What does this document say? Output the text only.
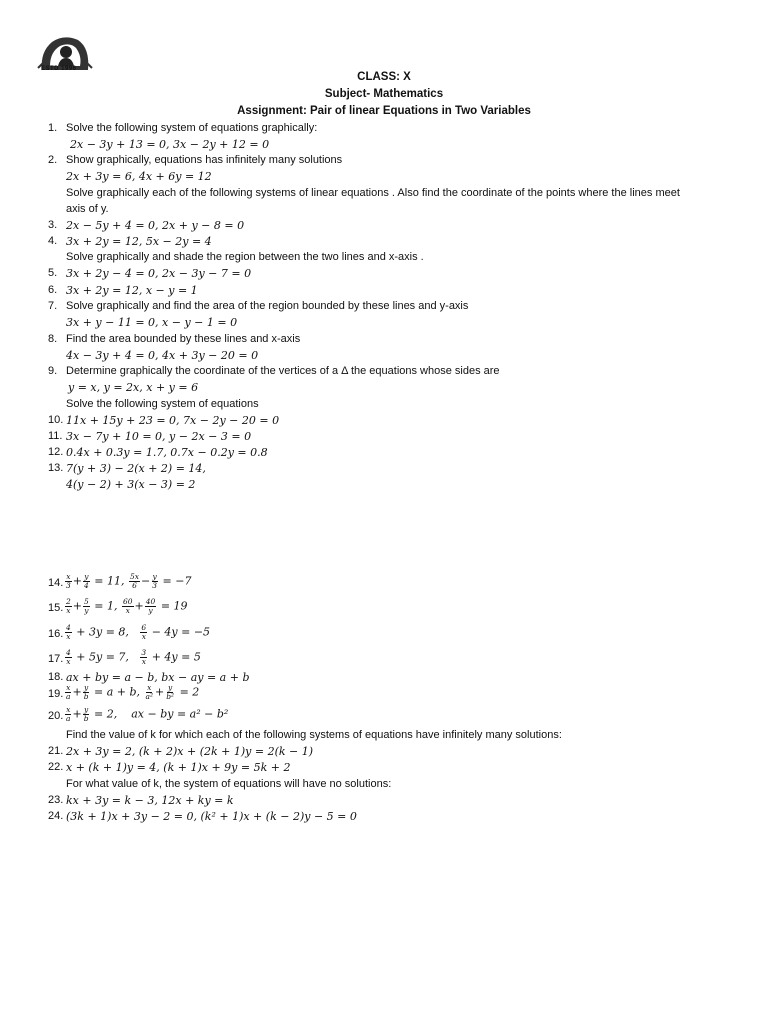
ESTD 1996
CLASS: X
Subject- Mathematics
Assignment: Pair of linear Equations in Two Variables
1. Solve the following system of equations graphically:
2x − 3y + 13 = 0, 3x − 2y + 12 = 0
2. Show graphically, equations has infinitely many solutions
2x + 3y = 6, 4x + 6y = 12
Solve graphically each of the following systems of linear equations . Also find the coordinate of the points where the lines meet
axis of y.
3. 2x − 5y + 4 = 0, 2x + y − 8 = 0
4. 3x + 2y = 12, 5x − 2y = 4
Solve graphically and shade the region between the two lines and x-axis .
5. 3x + 2y − 4 = 0, 2x − 3y − 7 = 0
6. 3x + 2y = 12, x − y = 1
7. Solve graphically and find the area of the region bounded by these lines and y-axis
3x + y − 11 = 0, x − y − 1 = 0
8. Find the area bounded by these lines and x-axis
4x − 3y + 4 = 0, 4x + 3y − 20 = 0
9. Determine graphically the coordinate of the vertices of a Δ the equations whose sides are
y = x, y = 2x, x + y = 6
Solve the following system of equations
10. 11x + 15y + 23 = 0, 7x − 2y − 20 = 0
11. 3x − 7y + 10 = 0, y − 2x − 3 = 0
12. 0.4x + 0.3y = 1.7, 0.7x − 0.2y = 0.8
13. 7(y + 3) − 2(x + 2) = 14,
4(y − 2) + 3(x − 3) = 2
14. $\frac{x}{3} + \frac{y}{4} = 11$, $\frac{5x}{6} - \frac{y}{3} = -7$
15. $\frac{2}{x} + \frac{5}{y} = 1$, $\frac{60}{x} + \frac{40}{y} = 19$
16. $\frac{4}{x} + 3y = 8$, $\frac{6}{x} - 4y = -5$
17. $\frac{4}{x} + 5y = 7$, $\frac{3}{x} + 4y = 5$
18. ax + by = a − b, bx − ay = a + b
19. $\frac{x}{a} + \frac{y}{b} = a + b$, $\frac{x}{\text{a²}} + \frac{y}{\text{b²}} = 2$
20. $\frac{x}{a} + \frac{y}{b} = 2$, ax − by = a² − b²
Find the value of k for which each of the following systems of equations have infinitely many solutions:
21. 2x + 3y = 2, (k + 2)x + (2k + 1)y = 2(k − 1)
22. x + (k + 1)y = 4, (k + 1)x + 9y = 5k + 2
For what value of k, the system of equations will have no solutions:
23. kx + 3y = k − 3, 12x + ky = k
24. (3k + 1)x + 3y − 2 = 0, (k² + 1)x + (k − 2)y − 5 = 0
